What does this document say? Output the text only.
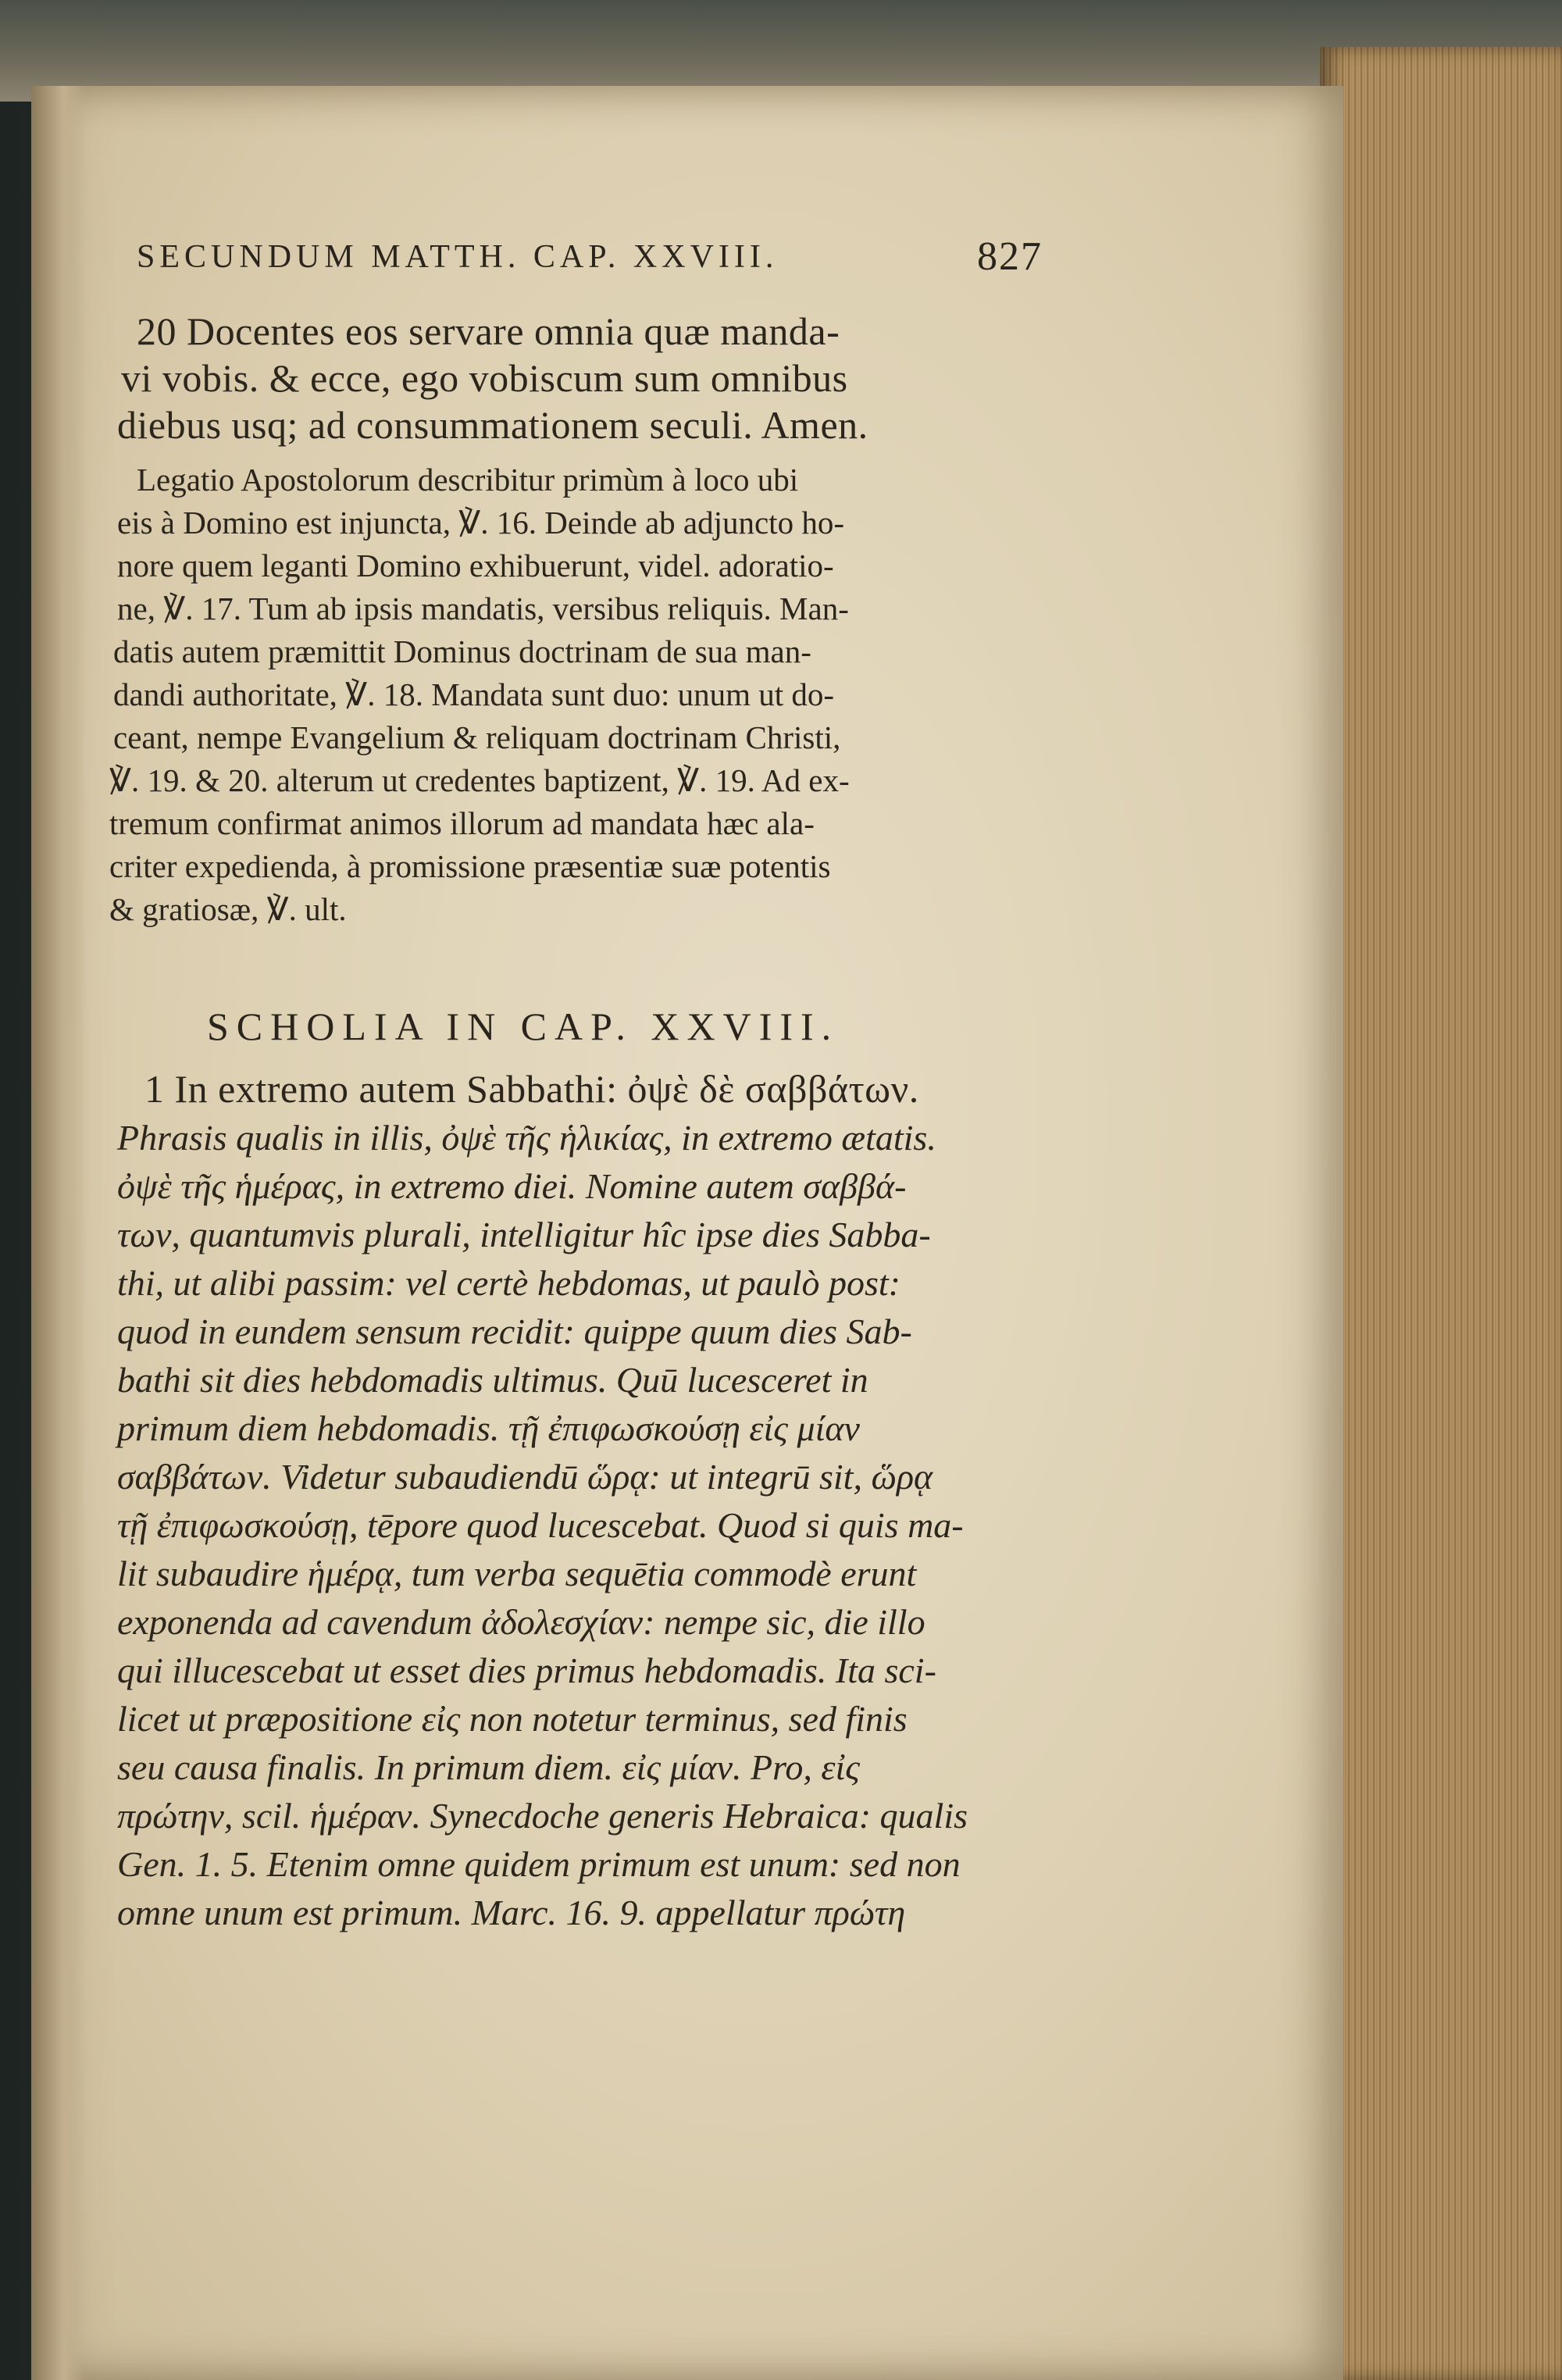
SECUNDUM MATTH. CAP. XXVIII.	827
20 Docentes eos servare omnia quæ manda-
vi vobis. & ecce, ego vobiscum sum omnibus
diebus usq; ad consummationem seculi. Amen.
Legatio Apostolorum describitur primùm à loco ubi
eis à Domino est injuncta, ℣. 16. Deinde ab adjuncto ho-
nore quem leganti Domino exhibuerunt, videl. adoratio-
ne, ℣. 17. Tum ab ipsis mandatis, versibus reliquis. Man-
datis autem præmittit Dominus doctrinam de sua man-
dandi authoritate, ℣. 18. Mandata sunt duo: unum ut do-
ceant, nempe Evangelium & reliquam doctrinam Christi,
℣. 19. & 20. alterum ut credentes baptizent, ℣. 19. Ad ex-
tremum confirmat animos illorum ad mandata hæc ala-
criter expedienda, à promissione præsentiæ suæ potentis
& gratiosæ, ℣. ult.
SCHOLIA IN CAP. XXVIII.
1 In extremo autem Sabbathi: ὀψὲ δὲ σαββάτων.
Phrasis qualis in illis, ὀψὲ τῆς ἡλικίας, in extremo ætatis.
ὀψὲ τῆς ἡμέρας, in extremo diei. Nomine autem σαββά-
των, quantumvis plurali, intelligitur hîc ipse dies Sabba-
thi, ut alibi passim: vel certè hebdomas, ut paulò post:
quod in eundem sensum recidit: quippe quum dies Sab-
bathi sit dies hebdomadis ultimus. Quū lucesceret in
primum diem hebdomadis. τῇ ἐπιφωσκούσῃ εἰς μίαν
σαββάτων. Videtur subaudiendū ὥρᾳ: ut integrū sit, ὥρᾳ
τῇ ἐπιφωσκούσῃ, tēpore quod lucescebat. Quod si quis ma-
lit subaudire ἡμέρᾳ, tum verba sequētia commodè erunt
exponenda ad cavendum ἀδολεσχίαν: nempe sic, die illo
qui illucescebat ut esset dies primus hebdomadis. Ita sci-
licet ut præpositione εἰς non notetur terminus, sed finis
seu causa finalis. In primum diem. εἰς μίαν. Pro, εἰς
πρώτην, scil. ἡμέραν. Synecdoche generis Hebraica: qualis
Gen. 1. 5. Etenim omne quidem primum est unum: sed non
omne unum est primum. Marc. 16. 9. appellatur πρώτη
